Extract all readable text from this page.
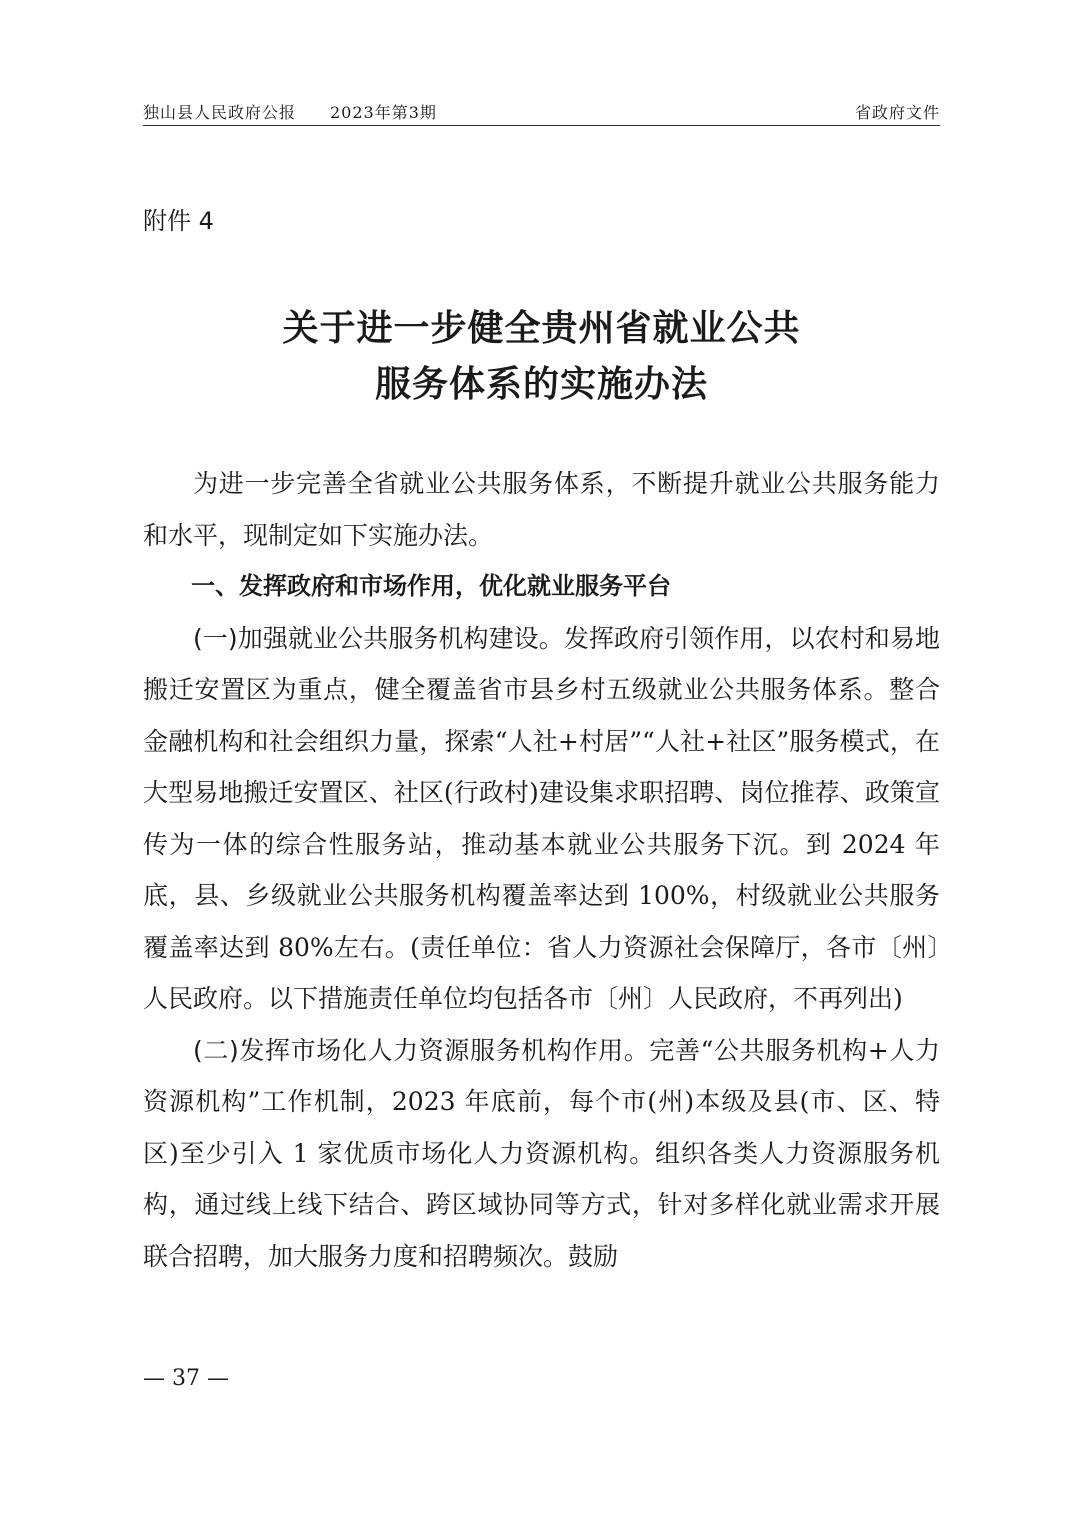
独山县人民政府公报　　2023年第3期	省政府文件
附件 4
关于进一步健全贵州省就业公共
服务体系的实施办法

为进一步完善全省就业公共服务体系，不断提升就业公共服务能力和水平，现制定如下实施办法。

一、发挥政府和市场作用，优化就业服务平台

(一)加强就业公共服务机构建设。发挥政府引领作用，以农村和易地搬迁安置区为重点，健全覆盖省市县乡村五级就业公共服务体系。整合金融机构和社会组织力量，探索“人社+村居”“人社+社区”服务模式，在大型易地搬迁安置区、社区(行政村)建设集求职招聘、岗位推荐、政策宣传为一体的综合性服务站，推动基本就业公共服务下沉。到 2024 年底，县、乡级就业公共服务机构覆盖率达到 100%，村级就业公共服务覆盖率达到 80%左右。(责任单位：省人力资源社会保障厅，各市〔州〕人民政府。以下措施责任单位均包括各市〔州〕人民政府，不再列出)

(二)发挥市场化人力资源服务机构作用。完善“公共服务机构+人力资源机构”工作机制，2023 年底前，每个市(州)本级及县(市、区、特区)至少引入 1 家优质市场化人力资源机构。组织各类人力资源服务机构，通过线上线下结合、跨区域协同等方式，针对多样化就业需求开展联合招聘，加大服务力度和招聘频次。鼓励

— 37 —
